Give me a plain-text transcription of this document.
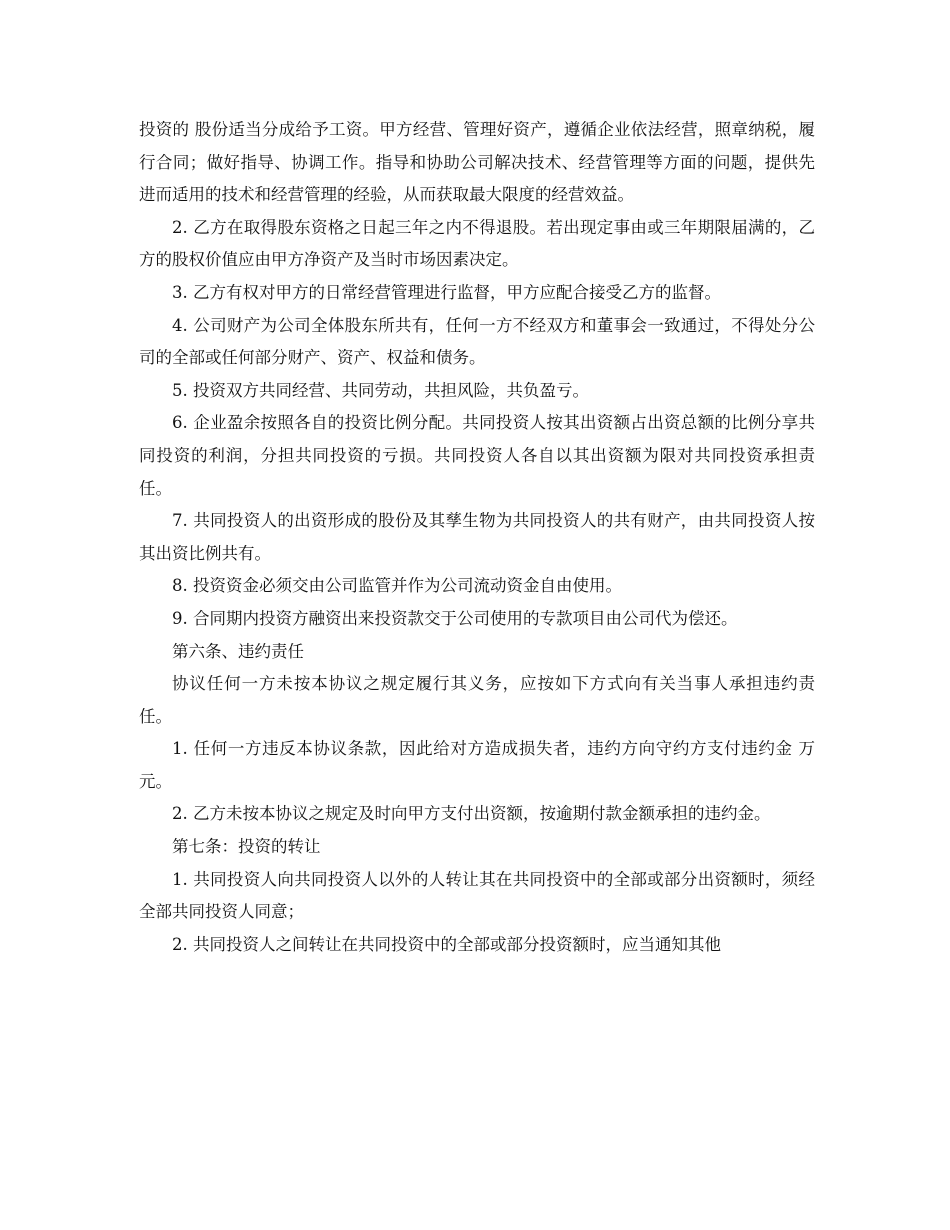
投资的 股份适当分成给予工资。甲方经营、管理好资产，遵循企业依法经营，照章纳税，履行合同；做好指导、协调工作。指导和协助公司解决技术、经营管理等方面的问题，提供先进而适用的技术和经营管理的经验，从而获取最大限度的经营效益。

2. 乙方在取得股东资格之日起三年之内不得退股。若出现定事由或三年期限届满的，乙方的股权价值应由甲方净资产及当时市场因素决定。

3. 乙方有权对甲方的日常经营管理进行监督，甲方应配合接受乙方的监督。

4. 公司财产为公司全体股东所共有，任何一方不经双方和董事会一致通过，不得处分公司的全部或任何部分财产、资产、权益和债务。

5. 投资双方共同经营、共同劳动，共担风险，共负盈亏。

6. 企业盈余按照各自的投资比例分配。共同投资人按其出资额占出资总额的比例分享共同投资的利润，分担共同投资的亏损。共同投资人各自以其出资额为限对共同投资承担责任。

7. 共同投资人的出资形成的股份及其孳生物为共同投资人的共有财产，由共同投资人按其出资比例共有。

8. 投资资金必须交由公司监管并作为公司流动资金自由使用。

9. 合同期内投资方融资出来投资款交于公司使用的专款项目由公司代为偿还。

第六条、违约责任

协议任何一方未按本协议之规定履行其义务，应按如下方式向有关当事人承担违约责任。

1. 任何一方违反本协议条款，因此给对方造成损失者，违约方向守约方支付违约金 万元。

2. 乙方未按本协议之规定及时向甲方支付出资额，按逾期付款金额承担的违约金。

第七条：投资的转让

1. 共同投资人向共同投资人以外的人转让其在共同投资中的全部或部分出资额时，须经全部共同投资人同意；

2. 共同投资人之间转让在共同投资中的全部或部分投资额时，应当通知其他
